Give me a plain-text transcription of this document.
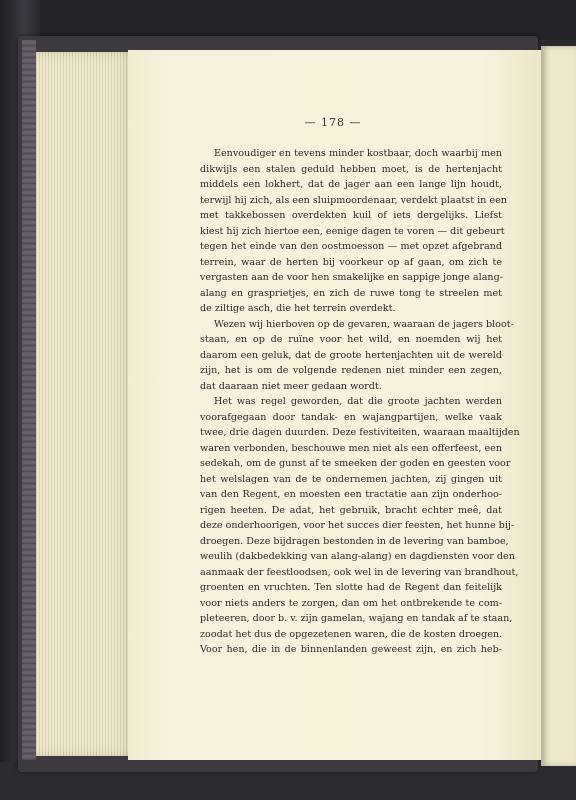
— 178 —
Eenvoudiger en tevens minder kostbaar, doch waarbij men
dikwijls een stalen geduld hebben moet, is de hertenjacht
middels een lokhert, dat de jager aan een lange lijn houdt,
terwijl hij zich, als een sluipmoordenaar, verdekt plaatst in een
met takkebossen overdekten kuil of iets dergelijks. Liefst
kiest hij zich hiertoe een, eenige dagen te voren — dit gebeurt
tegen het einde van den oostmoesson — met opzet afgebrand
terrein, waar de herten bij voorkeur op af gaan, om zich te
vergasten aan de voor hen smakelijke en sappige jonge alang-
alang en grasprietjes, en zich de ruwe tong te streelen met
de ziltige asch, die het terrein overdekt.
Wezen wij hierboven op de gevaren, waaraan de jagers bloot-
staan, en op de ruïne voor het wild, en noemden wij het
daarom een geluk, dat de groote hertenjachten uit de wereld
zijn, het is om de volgende redenen niet minder een zegen,
dat daaraan niet meer gedaan wordt.
Het was regel geworden, dat die groote jachten werden
voorafgegaan door tandak- en wajangpartijen, welke vaak
twee, drie dagen duurden. Deze festiviteiten, waaraan maaltijden
waren verbonden, beschouwe men niet als een offerfeest, een
sedekah, om de gunst af te smeeken der goden en geesten voor
het welslagen van de te ondernemen jachten, zij gingen uit
van den Regent, en moesten een tractatie aan zijn onderhoo-
rigen heeten. De adat, het gebruik, bracht echter meê, dat
deze onderhoorigen, voor het succes dier feesten, het hunne bij-
droegen. Deze bijdragen bestonden in de levering van bamboe,
weulih (dakbedekking van alang-alang) en dagdiensten voor den
aanmaak der feestloodsen, ook wel in de levering van brandhout,
groenten en vruchten. Ten slotte had de Regent dan feitelijk
voor niets anders te zorgen, dan om het ontbrekende te com-
pleteeren, door b. v. zijn gamelan, wajang en tandak af te staan,
zoodat het dus de opgezetenen waren, die de kosten droegen.
Voor hen, die in de binnenlanden geweest zijn, en zich heb-
